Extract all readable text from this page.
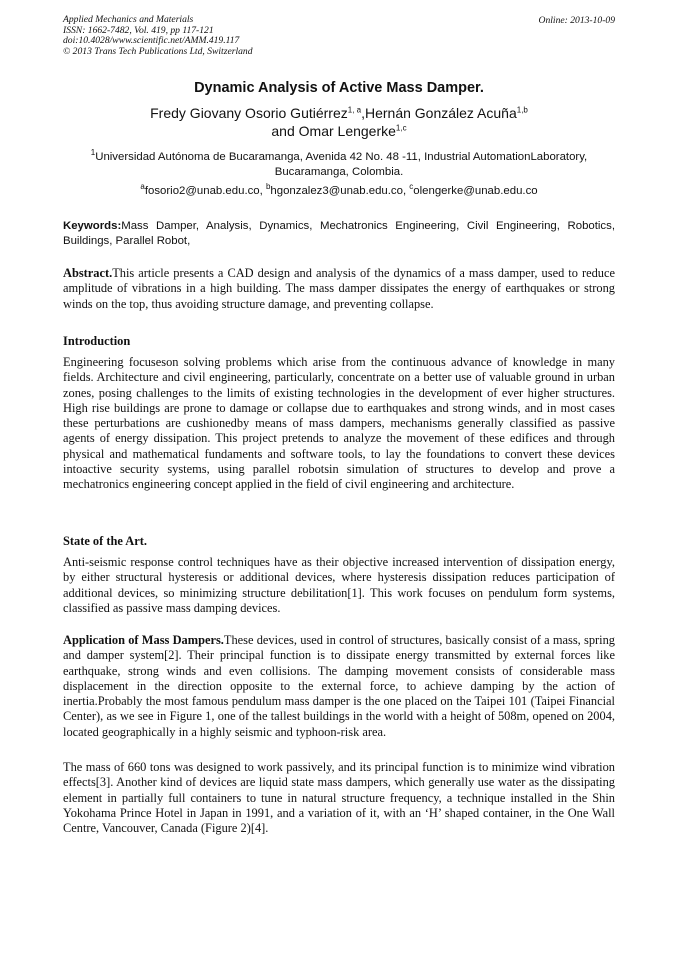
Applied Mechanics and Materials
ISSN: 1662-7482, Vol. 419, pp 117-121
doi:10.4028/www.scientific.net/AMM.419.117
© 2013 Trans Tech Publications Ltd, Switzerland
Online: 2013-10-09
Dynamic Analysis of Active Mass Damper.
Fredy Giovany Osorio Gutiérrez$^{1, a}$,Hernán González Acuña$^{1,b}$
and Omar Lengerke$^{1,c}$
$^1$Universidad Autónoma de Bucaramanga, Avenida 42 No. 48 -11, Industrial AutomationLaboratory,
Bucaramanga, Colombia.
$^a$fosorio2@unab.edu.co, $^b$hgonzalez3@unab.edu.co, $^c$olengerke@unab.edu.co
Keywords:Mass Damper, Analysis, Dynamics, Mechatronics Engineering, Civil Engineering, Robotics, Buildings, Parallel Robot,
Abstract.This article presents a CAD design and analysis of the dynamics of a mass damper, used to reduce amplitude of vibrations in a high building. The mass damper dissipates the energy of earthquakes or strong winds on the top, thus avoiding structure damage, and preventing collapse.
Introduction
Engineering focuseson solving problems which arise from the continuous advance of knowledge in many fields. Architecture and civil engineering, particularly, concentrate on a better use of valuable ground in urban zones, posing challenges to the limits of existing technologies in the development of ever higher structures. High rise buildings are prone to damage or collapse due to earthquakes and strong winds, and in most cases these perturbations are cushionedby means of mass dampers, mechanisms generally classified as passive agents of energy dissipation. This project pretends to analyze the movement of these edifices and through physical and mathematical fundaments and software tools, to lay the foundations to convert these devices intoactive security systems, using parallel robotsin simulation of structures to develop and prove a mechatronics engineering concept applied in the field of civil engineering and architecture.
State of the Art.
Anti-seismic response control techniques have as their objective increased intervention of dissipation energy, by either structural hysteresis or additional devices, where hysteresis dissipation reduces participation of additional devices, so minimizing structure debilitation[1]. This work focuses on pendulum form systems, classified as passive mass damping devices.
Application of Mass Dampers.These devices, used in control of structures, basically consist of a mass, spring and damper system[2]. Their principal function is to dissipate energy transmitted by external forces like earthquake, strong winds and even collisions. The damping movement consists of considerable mass displacement in the direction opposite to the external force, to achieve damping by the action of inertia.Probably the most famous pendulum mass damper is the one placed on the Taipei 101 (Taipei Financial Center), as we see in Figure 1, one of the tallest buildings in the world with a height of 508m, opened on 2004, located geographically in a highly seismic and typhoon-risk area.
The mass of 660 tons was designed to work passively, and its principal function is to minimize wind vibration effects[3]. Another kind of devices are liquid state mass dampers, which generally use water as the dissipating element in partially full containers to tune in natural structure frequency, a technique installed in the Shin Yokohama Prince Hotel in Japan in 1991, and a variation of it, with an ‘H’ shaped container, in the One Wall Centre, Vancouver, Canada (Figure 2)[4].
